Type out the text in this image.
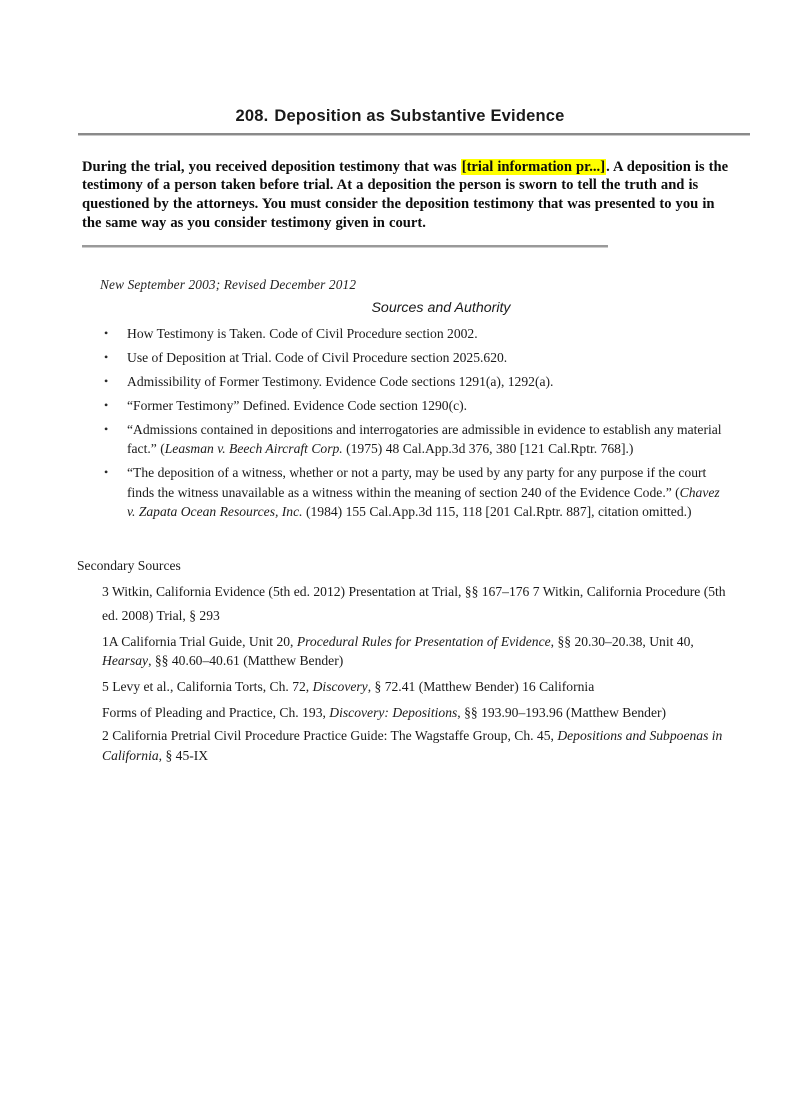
208. Deposition as Substantive Evidence

During the trial, you received deposition testimony that was [trial information pr...]. A deposition is the testimony of a person taken before trial. At a deposition the person is sworn to tell the truth and is questioned by the attorneys. You must consider the deposition testimony that was presented to you in the same way as you consider testimony given in court.

New September 2003; Revised December 2012
Sources and Authority
• How Testimony is Taken. Code of Civil Procedure section 2002.
• Use of Deposition at Trial. Code of Civil Procedure section 2025.620.
• Admissibility of Former Testimony. Evidence Code sections 1291(a), 1292(a).
• “Former Testimony” Defined. Evidence Code section 1290(c).
• “Admissions contained in depositions and interrogatories are admissible in evidence to establish any material fact.” (Leasman v. Beech Aircraft Corp. (1975) 48 Cal.App.3d 376, 380 [121 Cal.Rptr. 768].)
• “The deposition of a witness, whether or not a party, may be used by any party for any purpose if the court finds the witness unavailable as a witness within the meaning of section 240 of the Evidence Code.” (Chavez v. Zapata Ocean Resources, Inc. (1984) 155 Cal.App.3d 115, 118 [201 Cal.Rptr. 887], citation omitted.)
Secondary Sources
3 Witkin, California Evidence (5th ed. 2012) Presentation at Trial, §§ 167–176 7 Witkin, California Procedure (5th ed. 2008) Trial, § 293
1A California Trial Guide, Unit 20, Procedural Rules for Presentation of Evidence, §§ 20.30–20.38, Unit 40, Hearsay, §§ 40.60–40.61 (Matthew Bender)
5 Levy et al., California Torts, Ch. 72, Discovery, § 72.41 (Matthew Bender) 16 California
Forms of Pleading and Practice, Ch. 193, Discovery: Depositions, §§ 193.90–193.96 (Matthew Bender)
2 California Pretrial Civil Procedure Practice Guide: The Wagstaffe Group, Ch. 45, Depositions and Subpoenas in California, § 45-IX
